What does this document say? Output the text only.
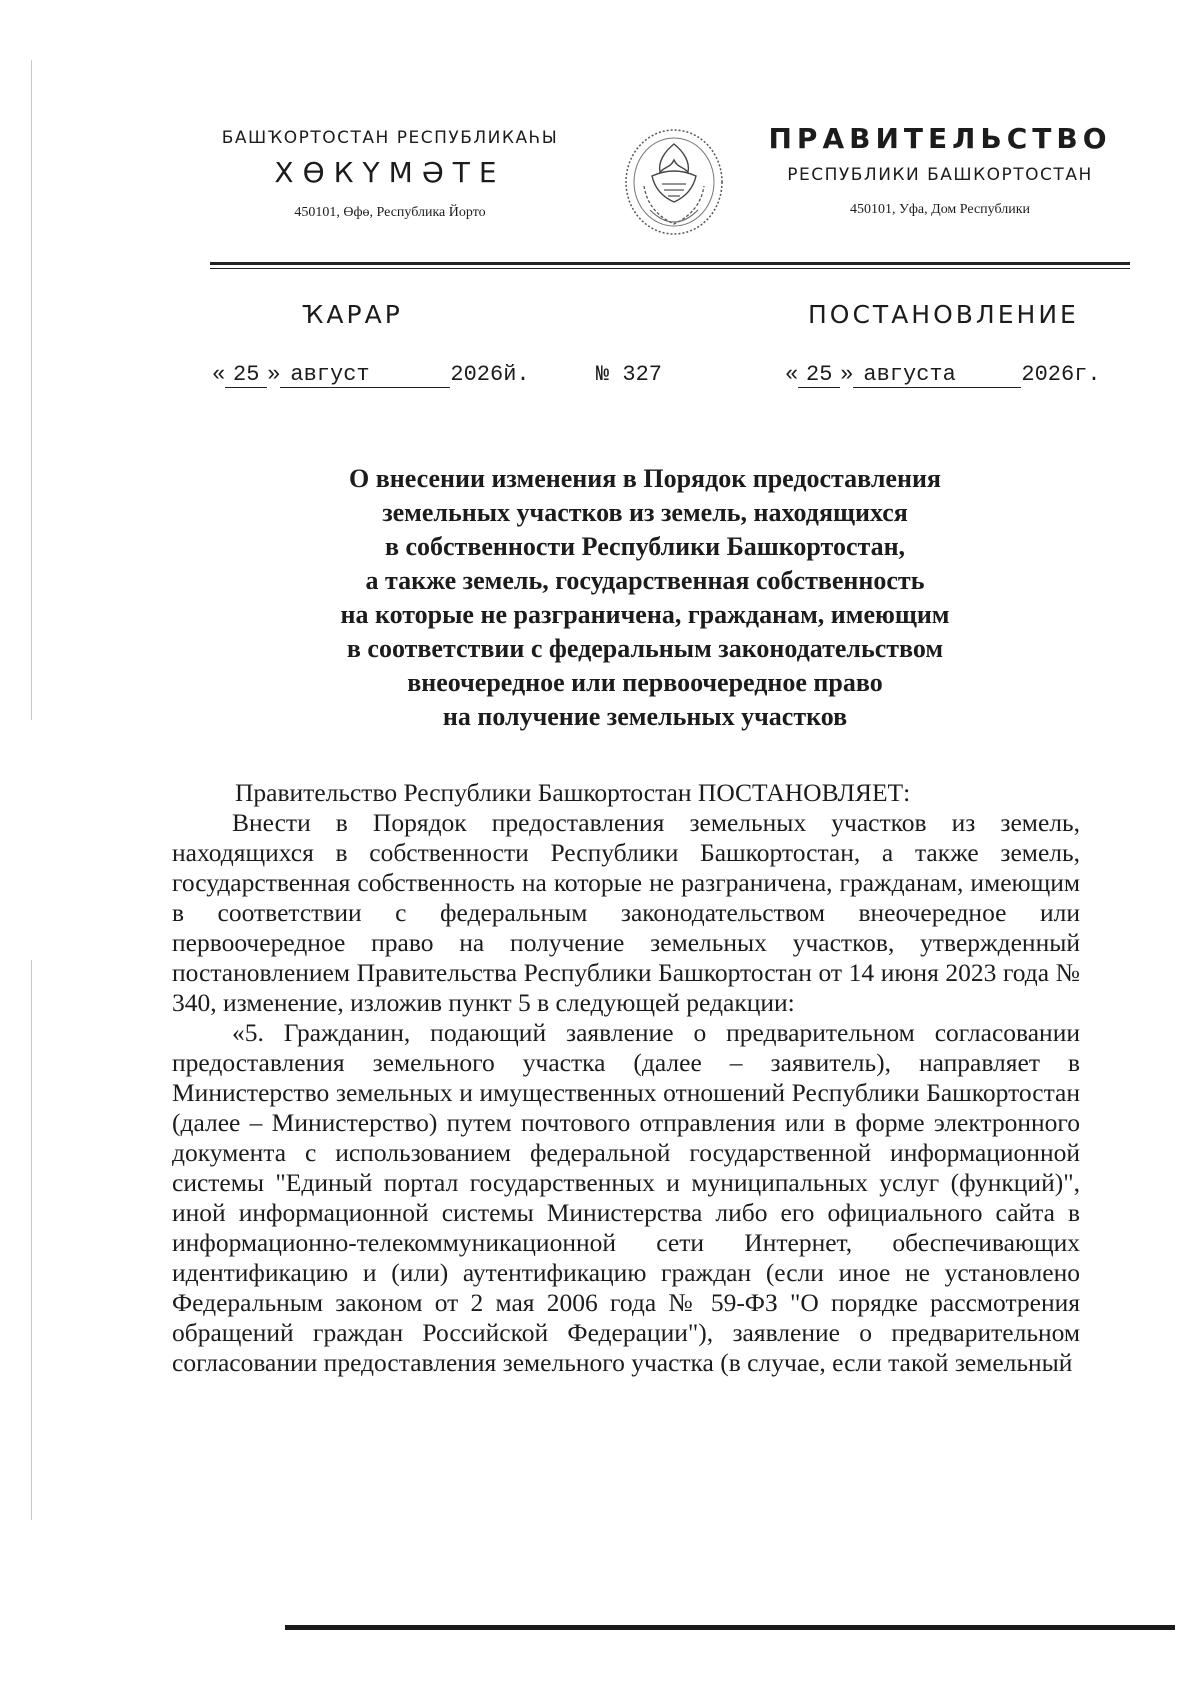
БАШҠОРТОСТАН РЕСПУБЛИКАҺЫ
ХӨКҮМӘТЕ
450101, Өфө, Республика Йорто
ПРАВИТЕЛЬСТВО
РЕСПУБЛИКИ БАШКОРТОСТАН
450101, Уфа, Дом Республики
ҠАРАР	ПОСТАНОВЛЕНИЕ
« 25 » август	2026й.	№ 327	« 25 » августа	2026г.
О внесении изменения в Порядок предоставления
земельных участков из земель, находящихся
в собственности Республики Башкортостан,
а также земель, государственная собственность
на которые не разграничена, гражданам, имеющим
в соответствии с федеральным законодательством
внеочередное или первоочередное право
на получение земельных участков

Правительство Республики Башкортостан ПОСТАНОВЛЯЕТ:

Внести в Порядок предоставления земельных участков из земель, находящихся в собственности Республики Башкортостан, а также земель, государственная собственность на которые не разграничена, гражданам, имеющим в соответствии с федеральным законодательством внеочередное или первоочередное право на получение земельных участков, утвержденный постановлением Правительства Республики Башкортостан от 14 июня 2023 года № 340, изменение, изложив пункт 5 в следующей редакции:

«5. Гражданин, подающий заявление о предварительном согласовании предоставления земельного участка (далее – заявитель), направляет в Министерство земельных и имущественных отношений Республики Башкортостан (далее – Министерство) путем почтового отправления или в форме электронного документа с использованием федеральной государственной информационной системы "Единый портал государственных и муниципальных услуг (функций)", иной информационной системы Министерства либо его официального сайта в информационно-телекоммуникационной сети Интернет, обеспечивающих идентификацию и (или) аутентификацию граждан (если иное не установлено Федеральным законом от 2 мая 2006 года № 59-ФЗ "О порядке рассмотрения обращений граждан Российской Федерации"), заявление о предварительном согласовании предоставления земельного участка (в случае, если такой земельный
